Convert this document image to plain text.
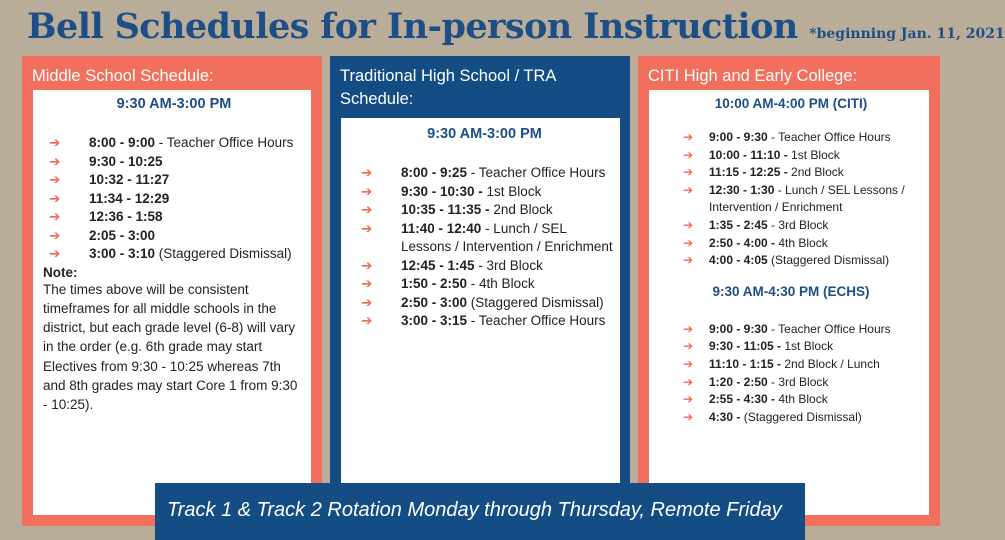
Bell Schedules for In-person Instruction *beginning Jan. 11, 2021
Middle School Schedule:
9:30 AM-3:00 PM
➔ 8:00 - 9:00 - Teacher Office Hours
➔ 9:30 - 10:25
➔ 10:32 - 11:27
➔ 11:34 - 12:29
➔ 12:36 - 1:58
➔ 2:05 - 3:00
➔ 3:00 - 3:10 (Staggered Dismissal)
Note:
The times above will be consistent timeframes for all middle schools in the district, but each grade level (6-8) will vary in the order (e.g. 6th grade may start Electives from 9:30 - 10:25 whereas 7th and 8th grades may start Core 1 from 9:30 - 10:25).
Traditional High School / TRA Schedule:
9:30 AM-3:00 PM
➔ 8:00 - 9:25 - Teacher Office Hours
➔ 9:30 - 10:30 - 1st Block
➔ 10:35 - 11:35 - 2nd Block
➔ 11:40 - 12:40 - Lunch / SEL Lessons / Intervention / Enrichment
➔ 12:45 - 1:45 - 3rd Block
➔ 1:50 - 2:50 - 4th Block
➔ 2:50 - 3:00 (Staggered Dismissal)
➔ 3:00 - 3:15 - Teacher Office Hours
CITI High and Early College:
10:00 AM-4:00 PM (CITI)
➔ 9:00 - 9:30 - Teacher Office Hours
➔ 10:00 - 11:10 - 1st Block
➔ 11:15 - 12:25 - 2nd Block
➔ 12:30 - 1:30 - Lunch / SEL Lessons / Intervention / Enrichment
➔ 1:35 - 2:45 - 3rd Block
➔ 2:50 - 4:00 - 4th Block
➔ 4:00 - 4:05 (Staggered Dismissal)
9:30 AM-4:30 PM (ECHS)
➔ 9:00 - 9:30 - Teacher Office Hours
➔ 9:30 - 11:05 - 1st Block
➔ 11:10 - 1:15 - 2nd Block / Lunch
➔ 1:20 - 2:50 - 3rd Block
➔ 2:55 - 4:30 - 4th Block
➔ 4:30 - (Staggered Dismissal)
Track 1 & Track 2 Rotation Monday through Thursday, Remote Friday
